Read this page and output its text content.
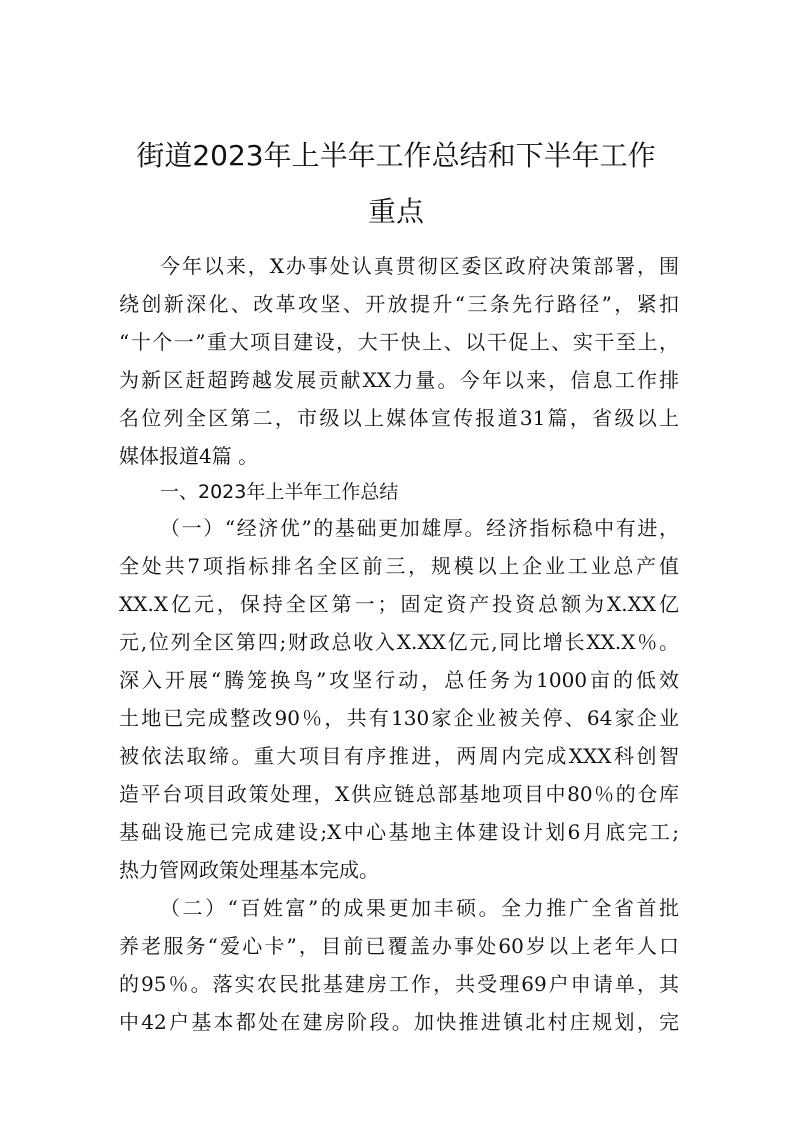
街道2023年上半年工作总结和下半年工作
重点
今年以来，X办事处认真贯彻区委区政府决策部署，围
绕创新深化、改革攻坚、开放提升“三条先行路径”，紧扣
“十个一”重大项目建设，大干快上、以干促上、实干至上，
为新区赶超跨越发展贡献XX力量。今年以来，信息工作排
名位列全区第二，市级以上媒体宣传报道31篇，省级以上
媒体报道4篇 。
一、2023年上半年工作总结
（一）“经济优”的基础更加雄厚。经济指标稳中有进，
全处共7项指标排名全区前三，规模以上企业工业总产值
XX.X亿元，保持全区第一；固定资产投资总额为X.XX亿
元,位列全区第四;财政总收入X.XX亿元,同比增长XX.X％。
深入开展“腾笼换鸟”攻坚行动，总任务为1000亩的低效
土地已完成整改90％，共有130家企业被关停、64家企业
被依法取缔。重大项目有序推进，两周内完成XXX科创智
造平台项目政策处理，X供应链总部基地项目中80％的仓库
基础设施已完成建设;X中心基地主体建设计划6月底完工;
热力管网政策处理基本完成。
（二）“百姓富”的成果更加丰硕。全力推广全省首批
养老服务“爱心卡”，目前已覆盖办事处60岁以上老年人口
的95％。落实农民批基建房工作，共受理69户申请单，其
中42户基本都处在建房阶段。加快推进镇北村庄规划，完
